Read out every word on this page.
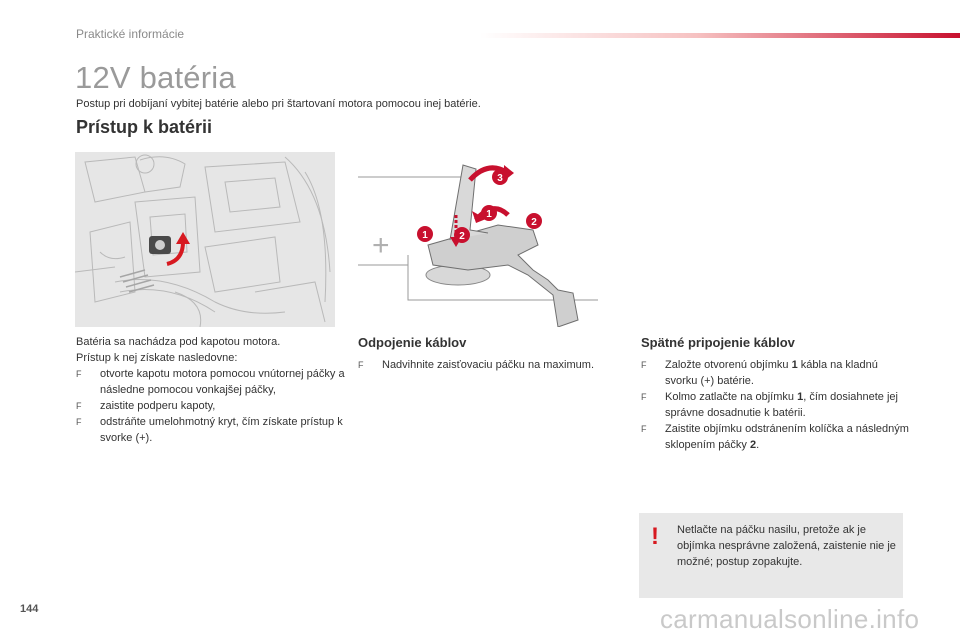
Praktické informácie
12V batéria
Postup pri dobíjaní vybitej batérie alebo pri štartovaní motora pomocou inej batérie.
Prístup k batérii
+
3
1
2
1	2

Batéria sa nachádza pod kapotou motora.

Prístup k nej získate nasledovne:

F	otvorte kapotu motora pomocou vnútornej páčky a následne pomocou vonkajšej páčky,
F	zaistite podperu kapoty,
F	odstráňte umelohmotný kryt, čím získate prístup k svorke (+).
Odpojenie káblov
F	Nadvihnite zaisťovaciu páčku na maximum.
Spätné pripojenie káblov
F	Založte otvorenú objímku 1 kábla na kladnú svorku (+) batérie.
F	Kolmo zatlačte na objímku 1, čím dosiahnete jej správne dosadnutie k batérii.
F	Zaistite objímku odstránením kolíčka a následným sklopením páčky 2.
! Netlačte na páčku nasilu, pretože ak je objímka nesprávne založená, zaistenie nie je možné; postup zopakujte.
144	carmanualsonline.info
